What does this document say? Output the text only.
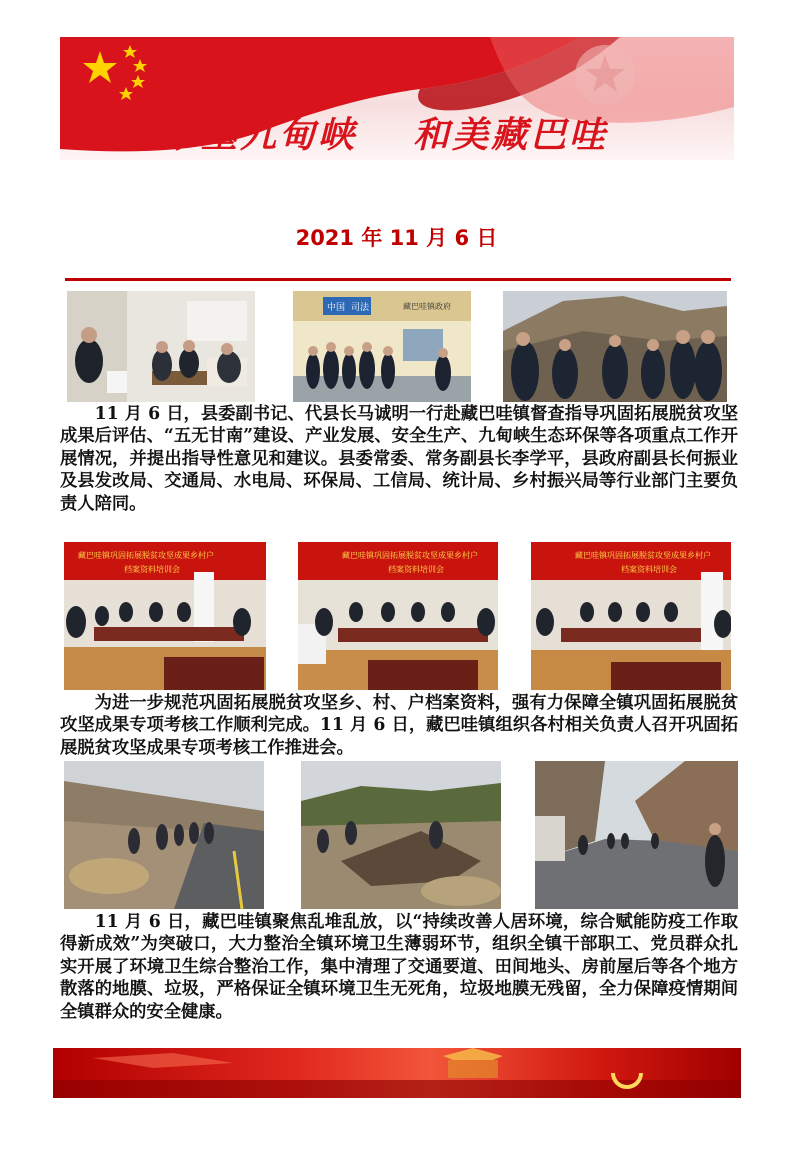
水墨九甸峡 和美藏巴哇
2021 年 11 月 6 日
中国 司法	藏巴哇镇政府

11 月 6 日，县委副书记、代县长马诚明一行赴藏巴哇镇督查指导巩固拓展脱贫攻坚成果后评估、“五无甘南”建设、产业发展、安全生产、九甸峡生态环保等各项重点工作开展情况，并提出指导性意见和建议。县委常委、常务副县长李学平，县政府副县长何振业及县发改局、交通局、水电局、环保局、工信局、统计局、乡村振兴局等行业部门主要负责人陪同。

藏巴哇镇巩固拓展脱贫攻坚成果乡村户
档案资料培训会
藏巴哇镇巩固拓展脱贫攻坚成果乡村户
档案资料培训会
藏巴哇镇巩固拓展脱贫攻坚成果乡村户
档案资料培训会

为进一步规范巩固拓展脱贫攻坚乡、村、户档案资料，强有力保障全镇巩固拓展脱贫攻坚成果专项考核工作顺利完成。11 月 6 日，藏巴哇镇组织各村相关负责人召开巩固拓展脱贫攻坚成果专项考核工作推进会。

11 月 6 日，藏巴哇镇聚焦乱堆乱放，以“持续改善人居环境，综合赋能防疫工作取得新成效”为突破口，大力整治全镇环境卫生薄弱环节，组织全镇干部职工、党员群众扎实开展了环境卫生综合整治工作，集中清理了交通要道、田间地头、房前屋后等各个地方散落的地膜、垃圾，严格保证全镇环境卫生无死角，垃圾地膜无残留，全力保障疫情期间全镇群众的安全健康。
